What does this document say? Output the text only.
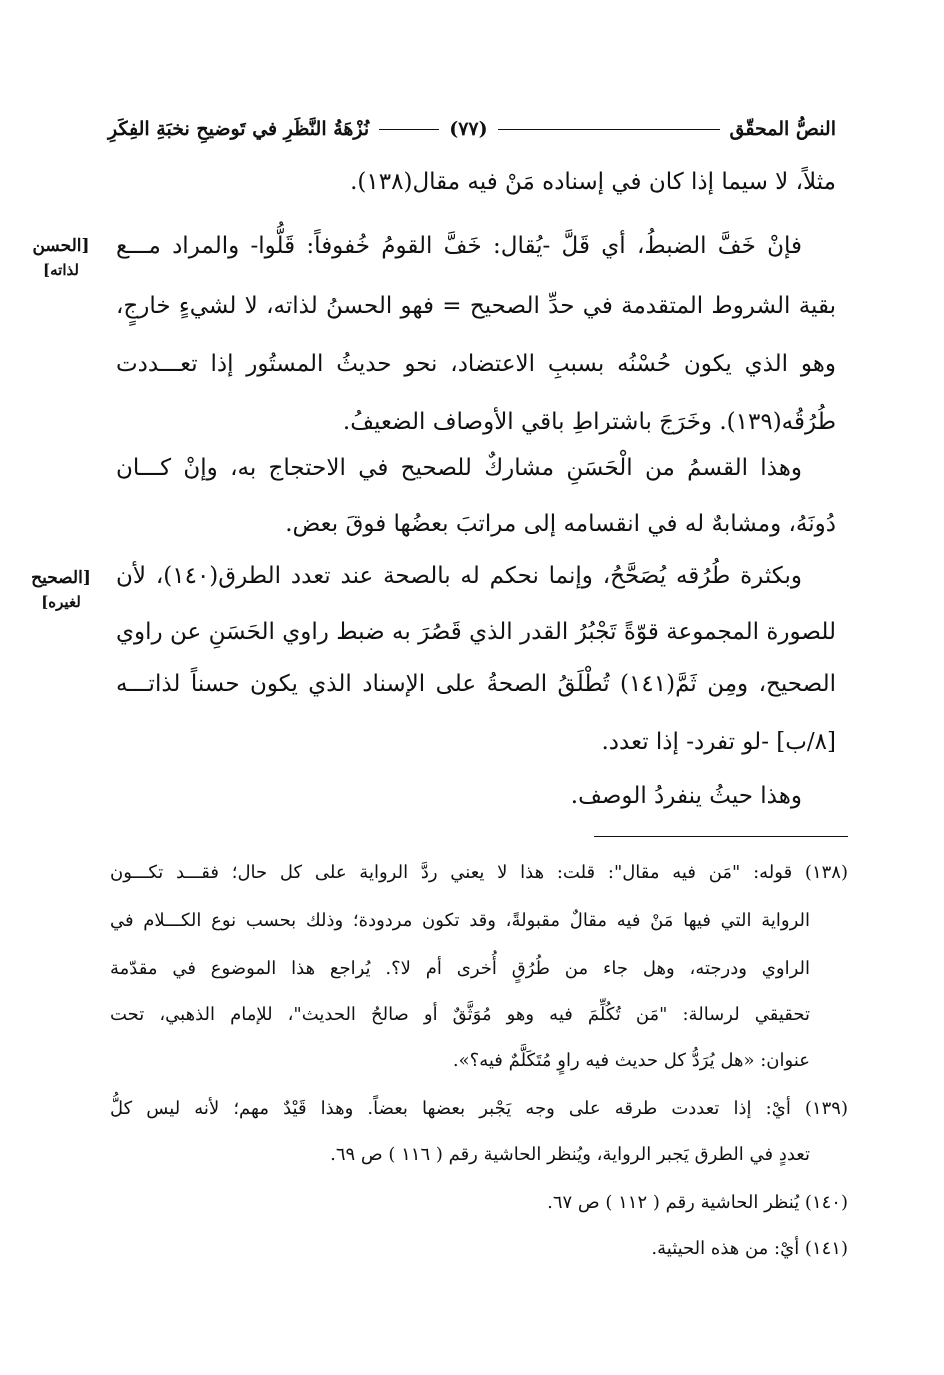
النصُّ المحقّق
(٧٧)
نُزْهَةُ النَّظَرِ في تَوضيحِ نخبَةِ الفِكَرِ
مثلاً، لا سيما إذا كان في إسناده مَنْ فيه مقال(١٣٨).
فإنْ خَفَّ الضبطُ، أي قَلَّ -يُقال: خَفَّ القومُ خُفوفاً: قَلُّوا- والمراد مـــع
بقية الشروط المتقدمة في حدِّ الصحيح = فهو الحسنُ لذاته، لا لشيءٍ خارجٍ،
وهو الذي يكون حُسْنُه بسببِ الاعتضاد، نحو حديثُ المستُور إذا تعـــددت
طُرُقُه(١٣٩). وخَرَجَ باشتراطِ باقي الأوصاف الضعيفُ.
وهذا القسمُ من الْحَسَنِ مشاركٌ للصحيح في الاحتجاج به، وإنْ كـــان
دُونَهُ، ومشابهٌ له في انقسامه إلى مراتبَ بعضُها فوقَ بعض.
وبكثرة طُرُقه يُصَحَّحُ، وإنما نحكم له بالصحة عند تعدد الطرق(١٤٠)، لأن
للصورة المجموعة قوّةً تَجْبُرُ القدر الذي قَصُرَ به ضبط راوي الحَسَنِ عن راوي
الصحيح، ومِن ثَمَّ(١٤١) تُطْلَقُ الصحةُ على الإسناد الذي يكون حسناً لذاتـــه
[٨/ب] -لو تفرد- إذا تعدد.
وهذا حيثُ ينفردُ الوصف.
[الحسن
لذاته]
[الصحيح
لغيره]
(١٣٨) قوله: "مَن فيه مقال": قلت: هذا لا يعني ردَّ الرواية على كل حال؛ فقـــد تكـــون
الرواية التي فيها مَنْ فيه مقالٌ مقبولةً، وقد تكون مردودة؛ وذلك بحسب نوع الكـــلام في
الراوي ودرجته، وهل جاء من طُرُقٍ أُخرى أم لا؟. يُراجع هذا الموضوع في مقدّمة
تحقيقي لرسالة: "مَن تُكُلِّمَ فيه وهو مُوَثَّقٌ أو صالحُ الحديث"، للإمام الذهبي، تحت
عنوان: «هل يُرَدُّ كل حديث فيه راوٍ مُتَكَلَّمٌ فيه؟».
(١٣٩) أيْ: إذا تعددت طرقه على وجه يَجْبر بعضها بعضاً. وهذا قَيْدٌ مهم؛ لأنه ليس كلُّ
تعددٍ في الطرق يَجبر الرواية، ويُنظر الحاشية رقم ( ١١٦ ) ص ٦٩.
(١٤٠) يُنظر الحاشية رقم ( ١١٢ ) ص ٦٧.
(١٤١) أيْ: من هذه الحيثية.
